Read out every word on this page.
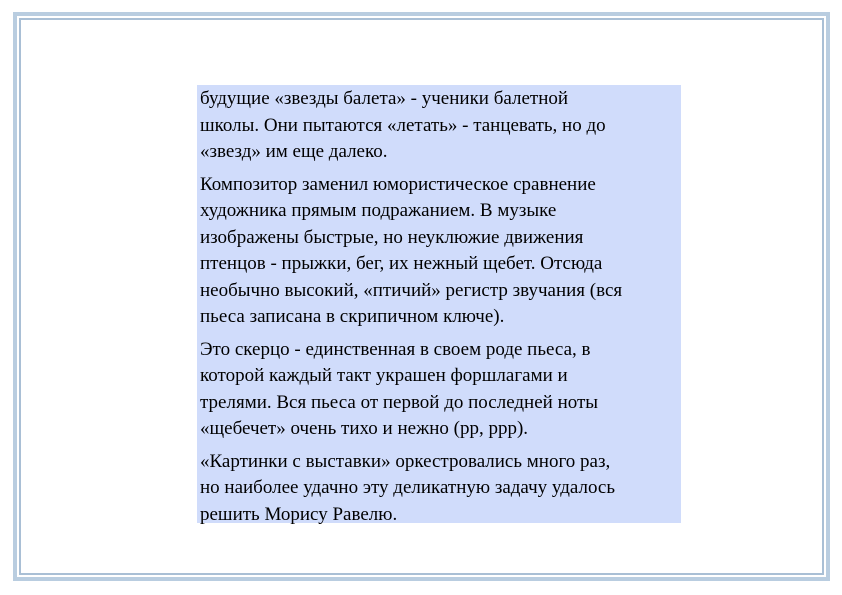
будущие «звезды балета» - ученики балетной
школы. Они пытаются «летать» - танцевать, но до
«звезд» им еще далеко.

Композитор заменил юмористическое сравнение
художника прямым подражанием. В музыке
изображены быстрые, но неуклюжие движения
птенцов - прыжки, бег, их нежный щебет. Отсюда
необычно высокий, «птичий» регистр звучания (вся
пьеса записана в скрипичном ключе).

Это скерцо - единственная в своем роде пьеса, в
которой каждый такт украшен форшлагами и
трелями. Вся пьеса от первой до последней ноты
«щебечет» очень тихо и нежно (pp, ppp).

«Картинки с выставки» оркестровались много раз,
но наиболее удачно эту деликатную задачу удалось
решить Морису Равелю.
